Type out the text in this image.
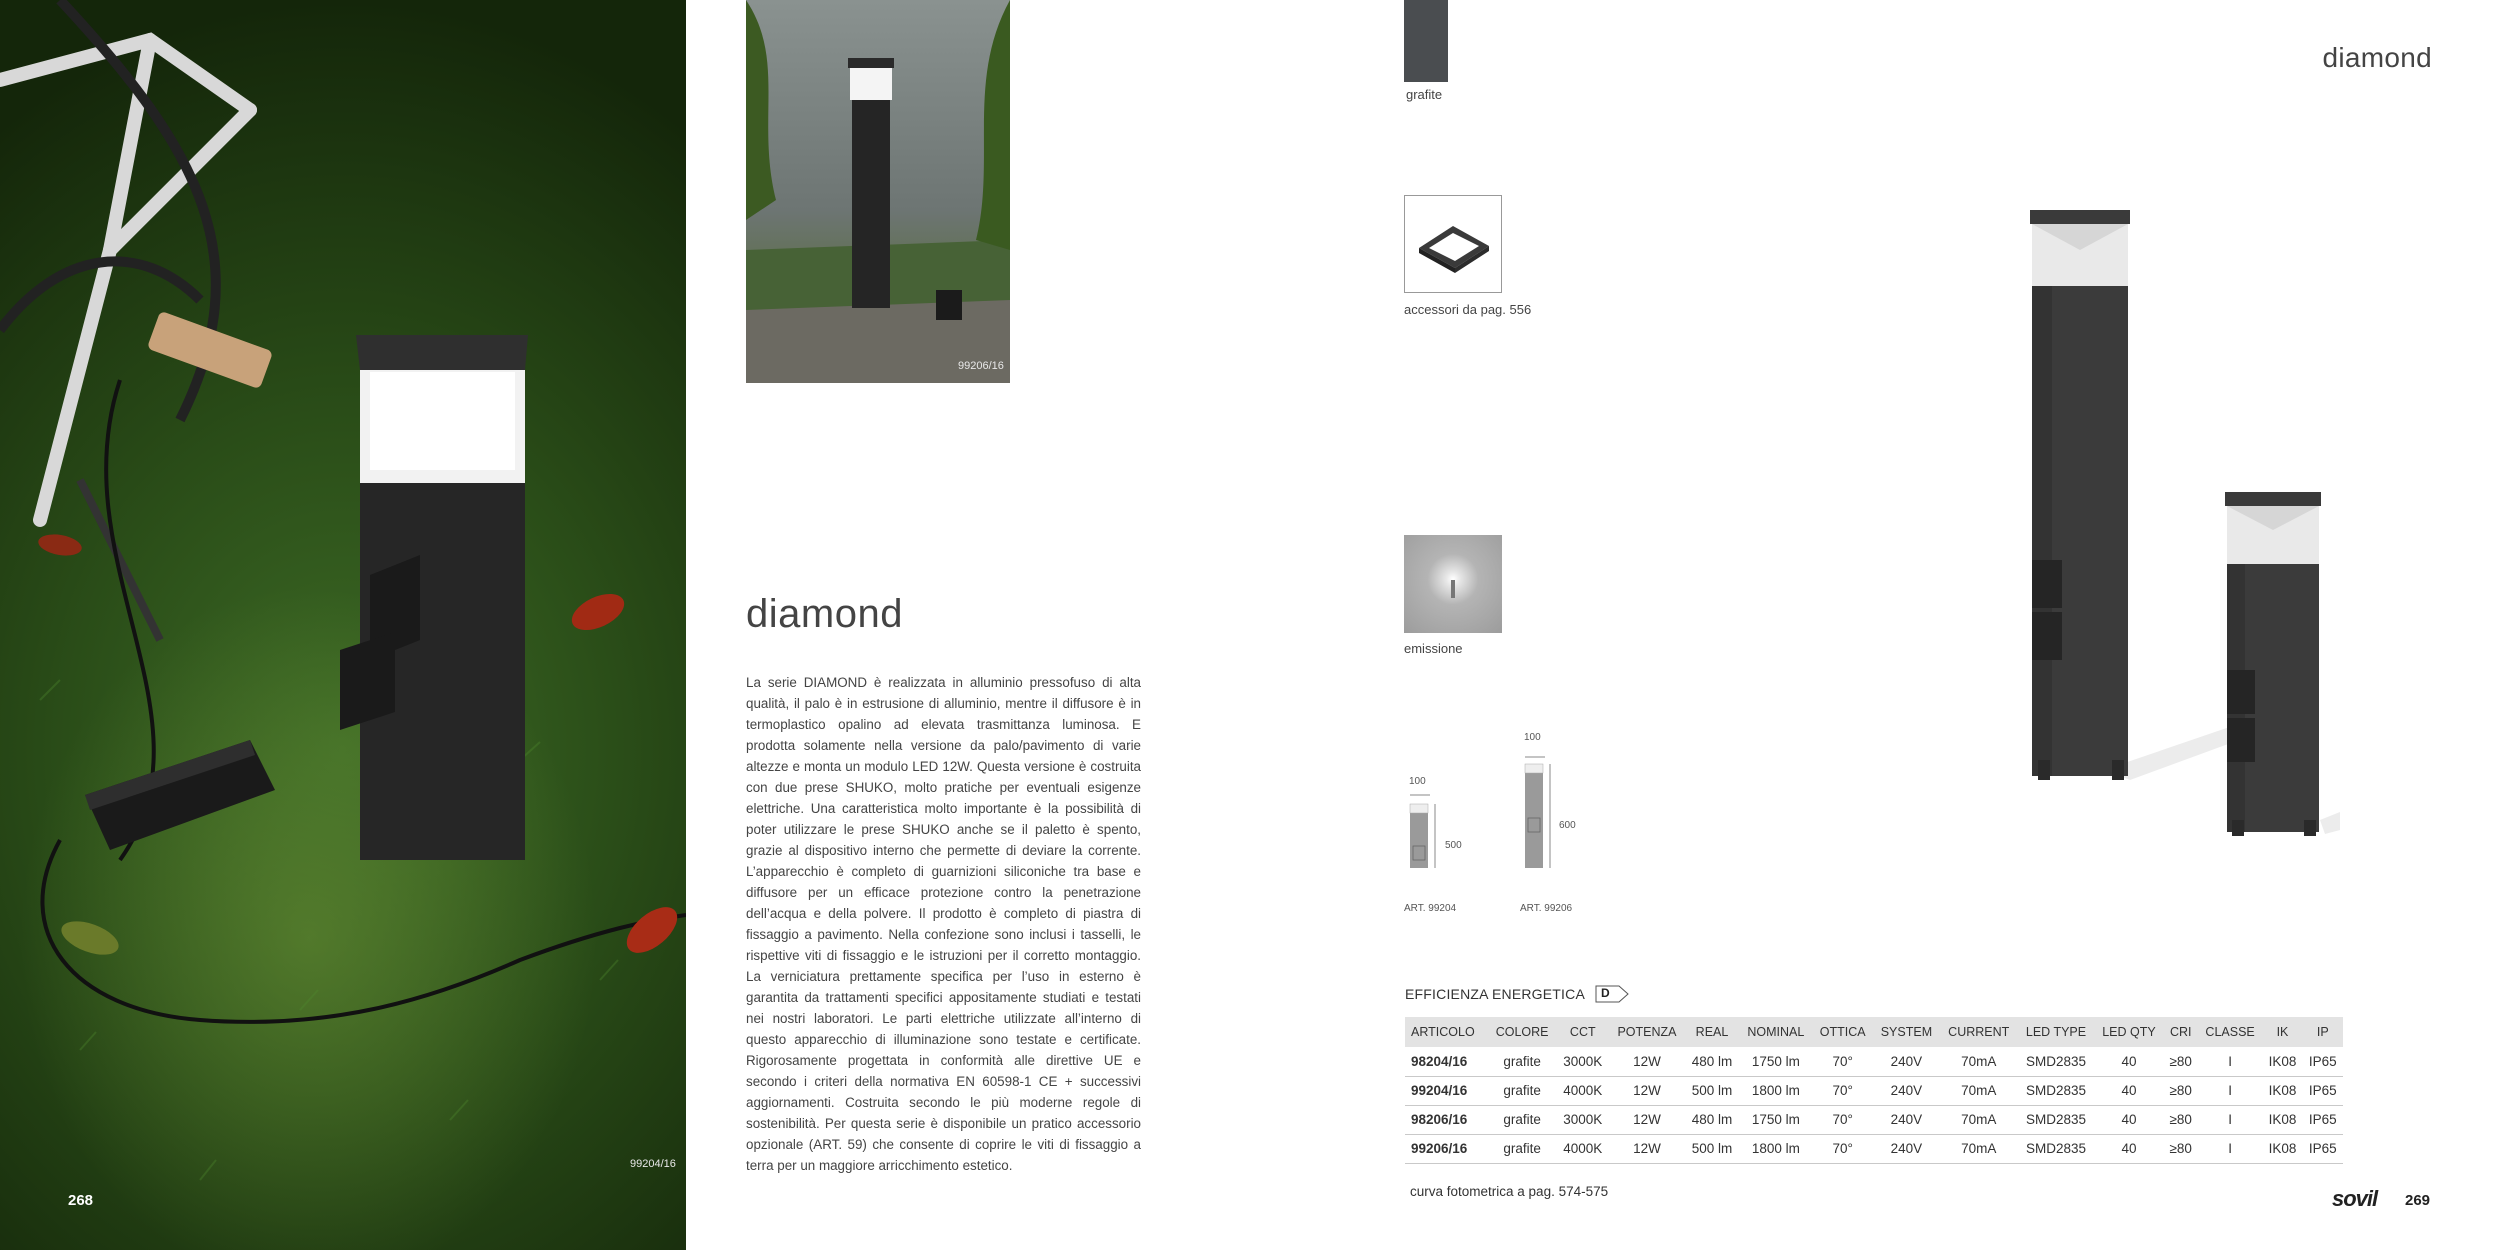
268
99204/16
99206/16
diamond

La serie DIAMOND è realizzata in alluminio pressofuso di alta qualità, il palo è in estrusione di alluminio, mentre il diffusore è in termoplastico opalino ad elevata trasmittanza luminosa. E prodotta solamente nella versione da palo/pavimento di varie altezze e monta un modulo LED 12W. Questa versione è costruita con due prese SHUKO, molto pratiche per eventuali esigenze elettriche. Una caratteristica molto importante è la possibilità di poter utilizzare le prese SHUKO anche se il paletto è spento, grazie al dispositivo interno che permette di deviare la corrente. L’apparecchio è completo di guarnizioni siliconiche tra base e diffusore per un efficace protezione contro la penetrazione dell’acqua e della polvere. Il prodotto è completo di piastra di fissaggio a pavimento. Nella confezione sono inclusi i tasselli, le rispettive viti di fissaggio e le istruzioni per il corretto montaggio. La verniciatura prettamente specifica per l’uso in esterno è garantita da trattamenti specifici appositamente studiati e testati nei nostri laboratori. Le parti elettriche utilizzate all’interno di questo apparecchio di illuminazione sono testate e certificate. Rigorosamente progettata in conformità alle direttive UE e secondo i criteri della normativa EN 60598-1 CE + successivi aggiornamenti. Costruita secondo le più moderne regole di sostenibilità. Per questa serie è disponibile un pratico accessorio opzionale (ART. 59) che consente di coprire le viti di fissaggio a terra per un maggiore arricchimento estetico.

grafite
accessori da pag. 556
emissione
100
500
ART. 99204
100
600
ART. 99206
diamond
EFFICIENZA ENERGETICA D
ARTICOLO	COLORE	CCT	POTENZA	REAL	NOMINAL	OTTICA	SYSTEM	CURRENT	LED TYPE	LED QTY	CRI	CLASSE	IK	IP
98204/16	grafite	3000K	12W	480 lm	1750 lm	70°	240V	70mA	SMD2835	40	≥80	I	IK08	IP65
99204/16	grafite	4000K	12W	500 lm	1800 lm	70°	240V	70mA	SMD2835	40	≥80	I	IK08	IP65
98206/16	grafite	3000K	12W	480 lm	1750 lm	70°	240V	70mA	SMD2835	40	≥80	I	IK08	IP65
99206/16	grafite	4000K	12W	500 lm	1800 lm	70°	240V	70mA	SMD2835	40	≥80	I	IK08	IP65
curva fotometrica a pag. 574-575	sovil 269
